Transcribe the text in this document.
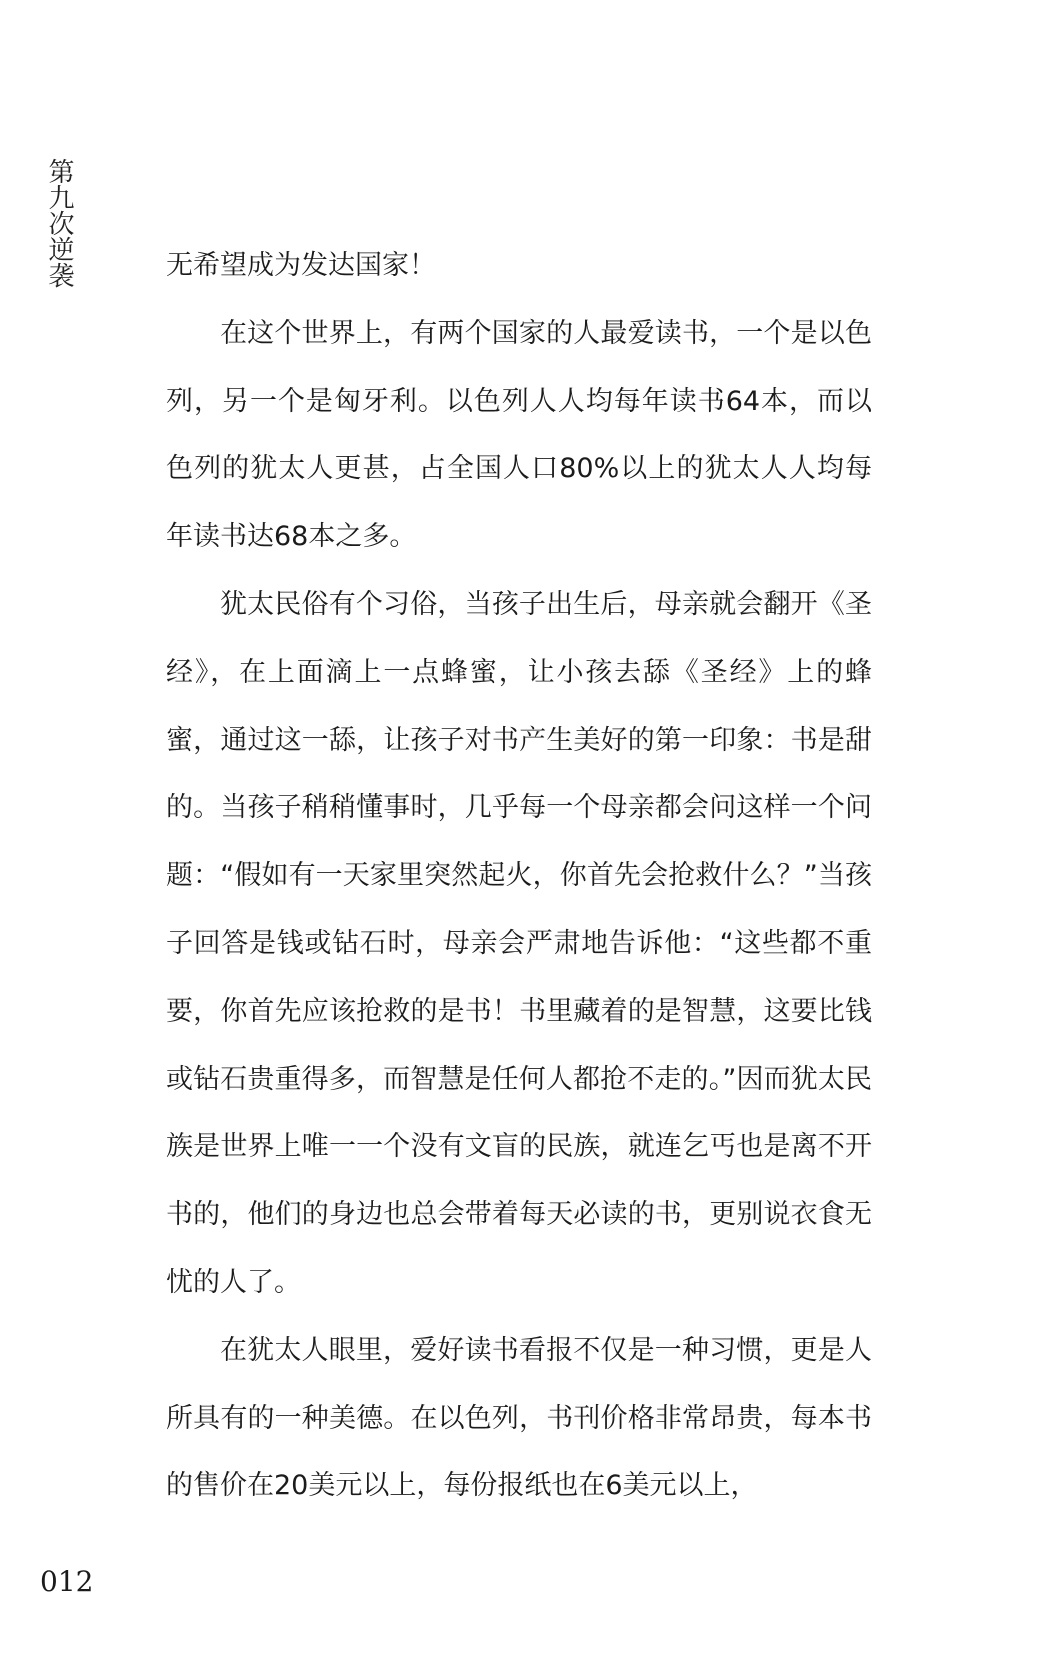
第九次逆袭	无希望成为发达国家！

在这个世界上，有两个国家的人最爱读书，一个是以色列，另一个是匈牙利。以色列人人均每年读书64本，而以色列的犹太人更甚，占全国人口80%以上的犹太人人均每年读书达68本之多。

犹太民俗有个习俗，当孩子出生后，母亲就会翻开《圣经》，在上面滴上一点蜂蜜，让小孩去舔《圣经》上的蜂蜜，通过这一舔，让孩子对书产生美好的第一印象：书是甜的。当孩子稍稍懂事时，几乎每一个母亲都会问这样一个问题：“假如有一天家里突然起火，你首先会抢救什么？”当孩子回答是钱或钻石时，母亲会严肃地告诉他：“这些都不重要，你首先应该抢救的是书！书里藏着的是智慧，这要比钱或钻石贵重得多，而智慧是任何人都抢不走的。”因而犹太民族是世界上唯一一个没有文盲的民族，就连乞丐也是离不开书的，他们的身边也总会带着每天必读的书，更别说衣食无忧的人了。

在犹太人眼里，爱好读书看报不仅是一种习惯，更是人所具有的一种美德。在以色列，书刊价格非常昂贵，每本书的售价在20美元以上，每份报纸也在6美元以上，

012
